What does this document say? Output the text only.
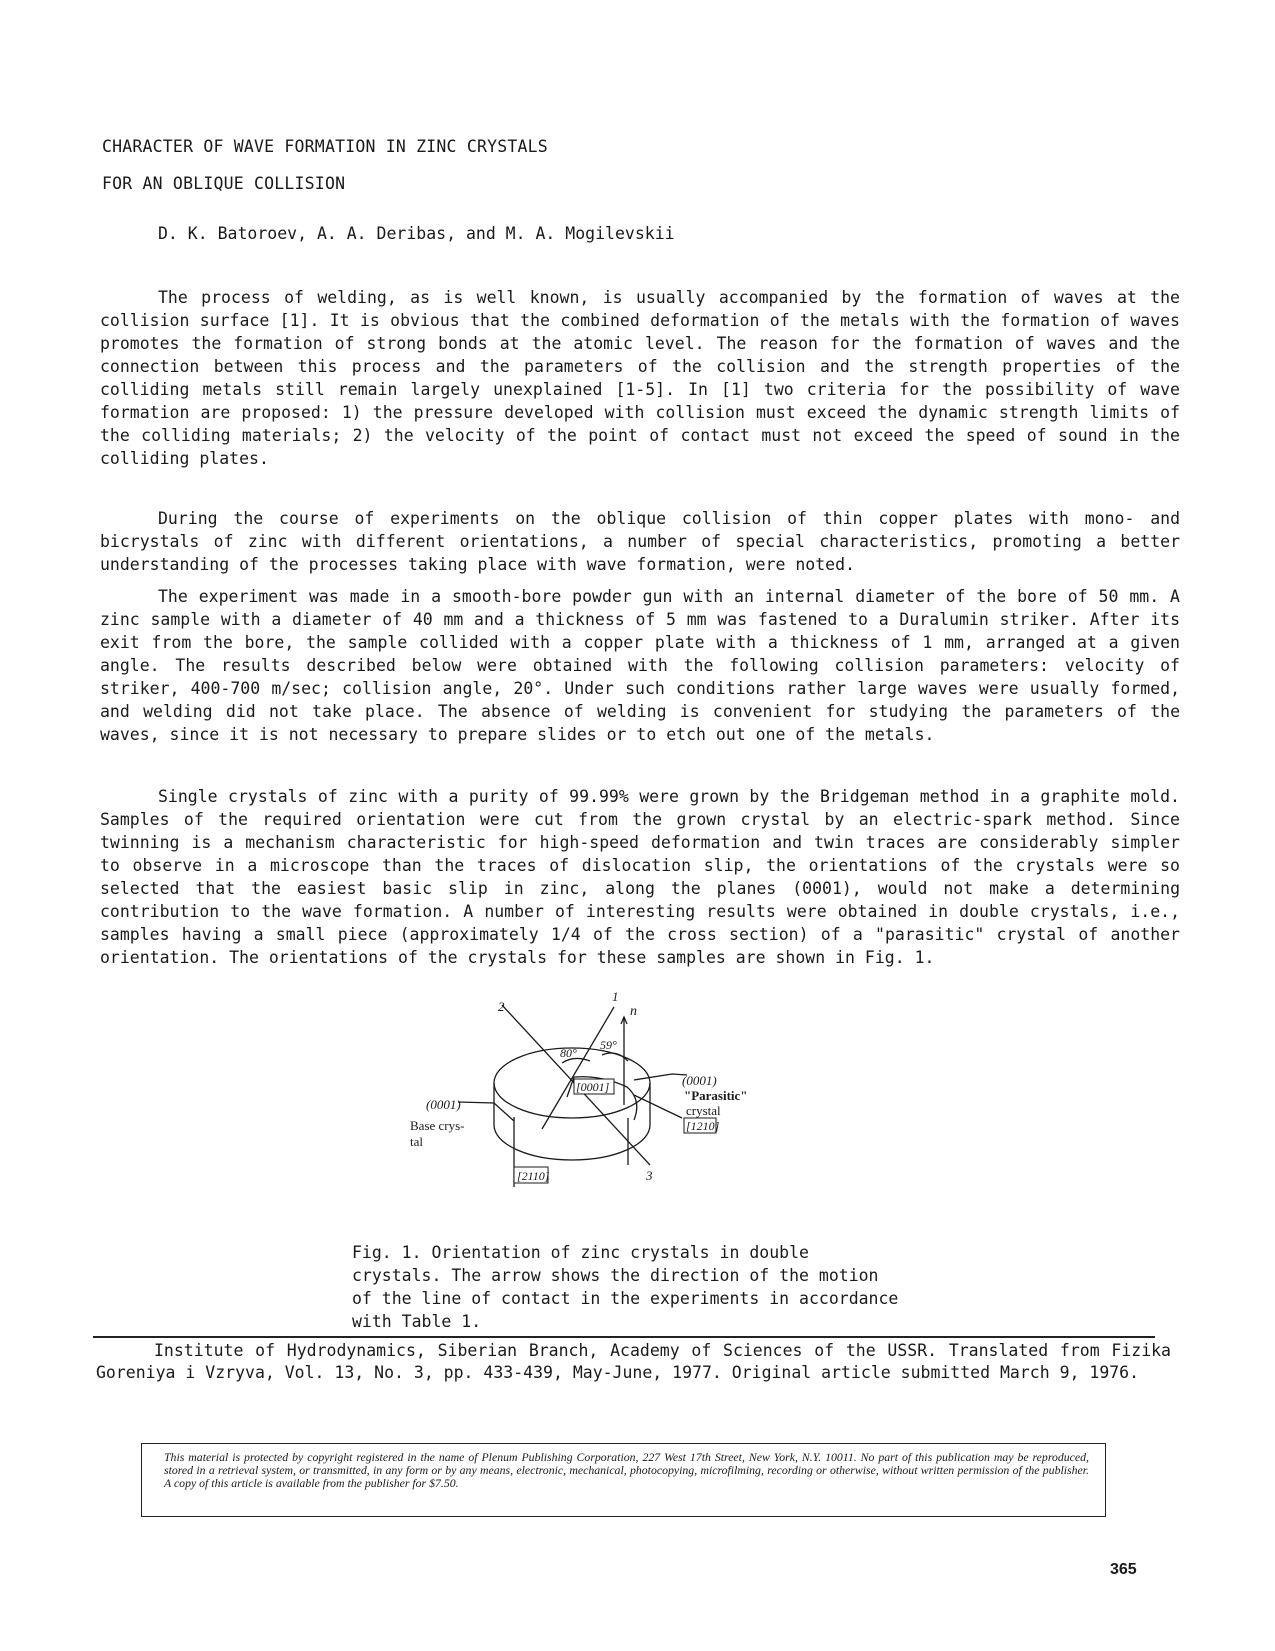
CHARACTER OF WAVE FORMATION IN ZINC CRYSTALS
FOR AN OBLIQUE COLLISION
D. K. Batoroev, A. A. Deribas, and M. A. Mogilevskii

The process of welding, as is well known, is usually accompanied by the formation of waves at the collision surface [1]. It is obvious that the combined deformation of the metals with the formation of waves promotes the formation of strong bonds at the atomic level. The reason for the formation of waves and the connection between this process and the parameters of the collision and the strength properties of the colliding metals still remain largely unexplained [1-5]. In [1] two criteria for the possibility of wave formation are proposed: 1) the pressure developed with collision must exceed the dynamic strength limits of the colliding materials; 2) the velocity of the point of contact must not exceed the speed of sound in the colliding plates.

During the course of experiments on the oblique collision of thin copper plates with mono- and bicrystals of zinc with different orientations, a number of special characteristics, promoting a better understanding of the processes taking place with wave formation, were noted.

The experiment was made in a smooth-bore powder gun with an internal diameter of the bore of 50 mm. A zinc sample with a diameter of 40 mm and a thickness of 5 mm was fastened to a Duralumin striker. After its exit from the bore, the sample collided with a copper plate with a thickness of 1 mm, arranged at a given angle. The results described below were obtained with the following collision parameters: velocity of striker, 400-700 m/sec; collision angle, 20°. Under such conditions rather large waves were usually formed, and welding did not take place. The absence of welding is convenient for studying the parameters of the waves, since it is not necessary to prepare slides or to etch out one of the metals.

Single crystals of zinc with a purity of 99.99% were grown by the Bridgeman method in a graphite mold. Samples of the required orientation were cut from the grown crystal by an electric-spark method. Since twinning is a mechanism characteristic for high-speed deformation and twin traces are considerably simpler to observe in a microscope than the traces of dislocation slip, the orientations of the crystals were so selected that the easiest basic slip in zinc, along the planes (0001), would not make a determining contribution to the wave formation. A number of interesting results were obtained in double crystals, i.e., samples having a small piece (approximately 1/4 of the cross section) of a "parasitic" crystal of another orientation. The orientations of the crystals for these samples are shown in Fig. 1.

2
1
n
80°
59°
[0001]
(0001)
Base crys-
tal
(0001)
"Parasitic"
crystal
[1210]
[2110]	3

Fig. 1. Orientation of zinc crystals in double crystals. The arrow shows the direction of the motion of the line of contact in the experiments in accordance with Table 1.

Institute of Hydrodynamics, Siberian Branch, Academy of Sciences of the USSR. Translated from Fizika Goreniya i Vzryva, Vol. 13, No. 3, pp. 433-439, May-June, 1977. Original article submitted March 9, 1976.

This material is protected by copyright registered in the name of Plenum Publishing Corporation, 227 West 17th Street, New York, N.Y. 10011. No part of this publication may be reproduced, stored in a retrieval system, or transmitted, in any form or by any means, electronic, mechanical, photocopying, microfilming, recording or otherwise, without written permission of the publisher. A copy of this article is available from the publisher for $7.50.

365
